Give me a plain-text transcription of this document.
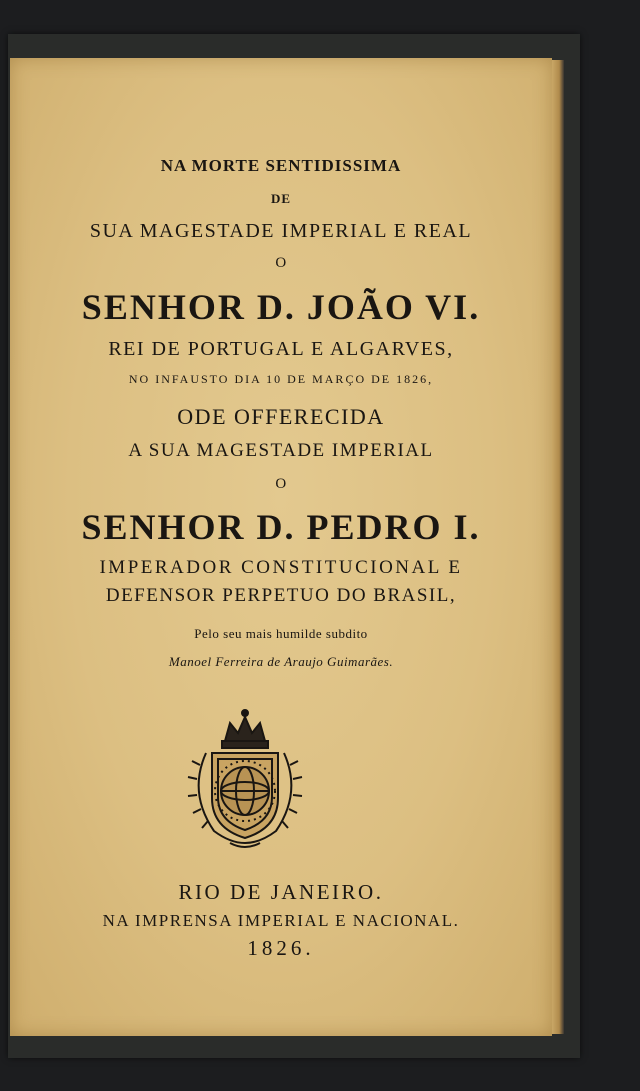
NA MORTE SENTIDISSIMA
DE
SUA MAGESTADE IMPERIAL E REAL
O
SENHOR D. JOÃO VI.
REI DE PORTUGAL E ALGARVES,
NO INFAUSTO DIA 10 DE MARÇO DE 1826,
ODE OFFERECIDA
A SUA MAGESTADE IMPERIAL
O
SENHOR D. PEDRO I.
IMPERADOR CONSTITUCIONAL E
DEFENSOR PERPETUO DO BRASIL,
Pelo seu mais humilde subdito
Manoel Ferreira de Araujo Guimarães.
RIO DE JANEIRO.
NA IMPRENSA IMPERIAL E NACIONAL.
1826.
